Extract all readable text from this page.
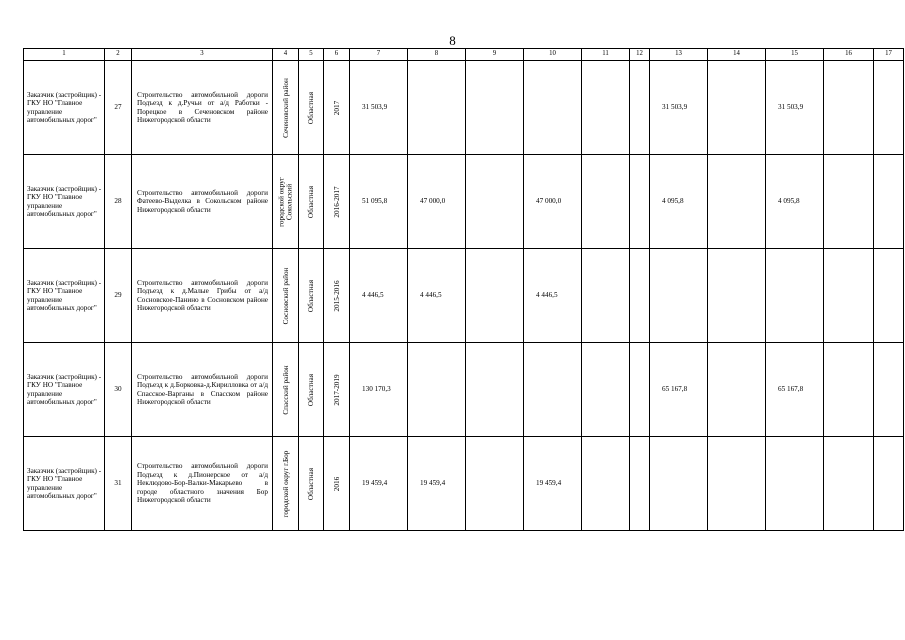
8
1	2	3	4	5	6	7	8	9	10	11	12	13	14	15	16	17
Заказчик (застройщик) - ГКУ НО "Главное управление автомобильных дорог"	27	Строительство автомобильной дороги Подъезд к д.Ручьи от а/д Работки - Порецкое в Сеченовском районе Нижегородской области	Сеченовский район	Областная	2017	31 503,9						31 503,9		31 503,9		
Заказчик (застройщик) - ГКУ НО "Главное управление автомобильных дорог"	28	Строительство автомобильной дороги Фатеево-Выделка в Сокольском районе Нижегородской области	городской округ Сокольский	Областная	2016-2017	51 095,8	47 000,0		47 000,0			4 095,8		4 095,8		
Заказчик (застройщик) - ГКУ НО "Главное управление автомобильных дорог"	29	Строительство автомобильной дороги Подъезд к д.Малые Грибы от а/д Сосновское-Панино в Сосновском районе Нижегородской области	Сосновский район	Областная	2015-2016	4 446,5	4 446,5		4 446,5							
Заказчик (застройщик) - ГКУ НО "Главное управление автомобильных дорог"	30	Строительство автомобильной дороги Подъезд к д.Борковка-д.Кирилловка от а/д Спасское-Варганы в Спасском районе Нижегородской области	Спасский район	Областная	2017-2019	130 170,3						65 167,8		65 167,8		
Заказчик (застройщик) - ГКУ НО "Главное управление автомобильных дорог"	31	Строительство автомобильной дороги Подъезд к д.Пионерское от а/д Неклюдово-Бор-Валки-Макарьево в городе областного значения Бор Нижегородской области	городской округ г.Бор	Областная	2016	19 459,4	19 459,4		19 459,4							
